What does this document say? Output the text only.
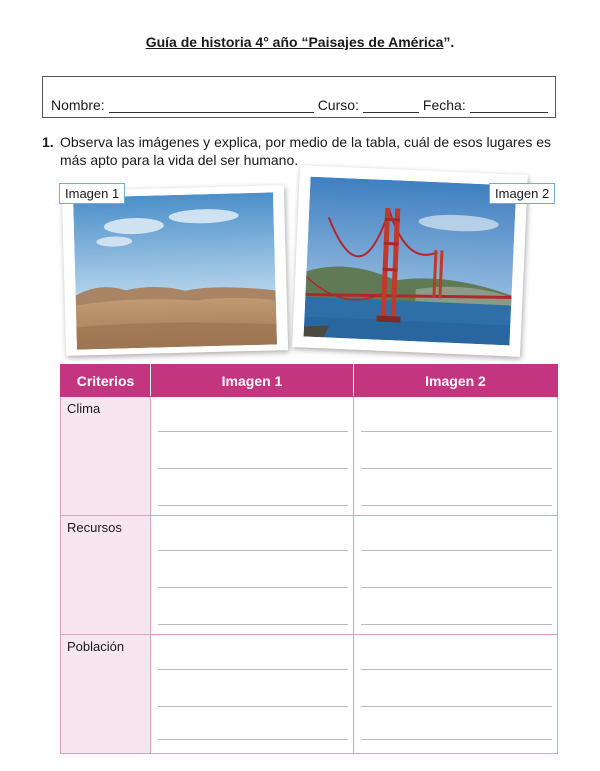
Guía de historia 4° año “Paisajes de América”.
Nombre:	Curso:	Fecha:
1. Observa las imágenes y explica, por medio de la tabla, cuál de esos lugares es más apto para la vida del ser humano.
Imagen 1	Imagen 2
Criterios	Imagen 1	Imagen 2
Clima	

Recursos	

Población	
